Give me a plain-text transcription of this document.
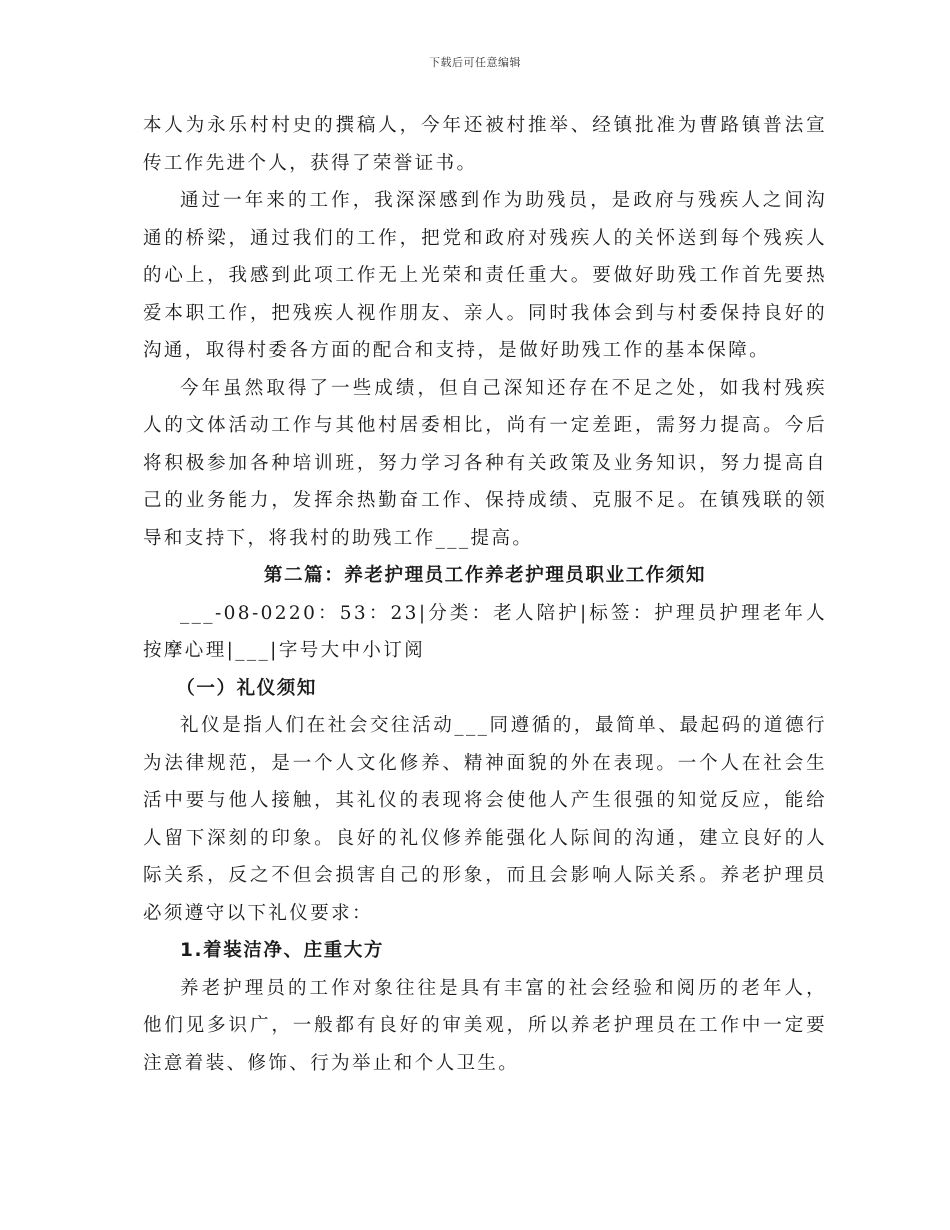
下载后可任意编辑

本人为永乐村村史的撰稿人，今年还被村推举、经镇批准为曹路镇普法宣传工作先进个人，获得了荣誉证书。

通过一年来的工作，我深深感到作为助残员，是政府与残疾人之间沟通的桥梁，通过我们的工作，把党和政府对残疾人的关怀送到每个残疾人的心上，我感到此项工作无上光荣和责任重大。要做好助残工作首先要热爱本职工作，把残疾人视作朋友、亲人。同时我体会到与村委保持良好的沟通，取得村委各方面的配合和支持，是做好助残工作的基本保障。

今年虽然取得了一些成绩，但自己深知还存在不足之处，如我村残疾人的文体活动工作与其他村居委相比，尚有一定差距，需努力提高。今后将积极参加各种培训班，努力学习各种有关政策及业务知识，努力提高自己的业务能力，发挥余热勤奋工作、保持成绩、克服不足。在镇残联的领导和支持下，将我村的助残工作___提高。

第二篇：养老护理员工作养老护理员职业工作须知

___-08-0220：53：23|分类：老人陪护|标签：护理员护理老年人按摩心理|___|字号大中小订阅

（一）礼仪须知

礼仪是指人们在社会交往活动___同遵循的，最简单、最起码的道德行为法律规范，是一个人文化修养、精神面貌的外在表现。一个人在社会生活中要与他人接触，其礼仪的表现将会使他人产生很强的知觉反应，能给人留下深刻的印象。良好的礼仪修养能强化人际间的沟通，建立良好的人际关系，反之不但会损害自己的形象，而且会影响人际关系。养老护理员必须遵守以下礼仪要求：

1.着装洁净、庄重大方

养老护理员的工作对象往往是具有丰富的社会经验和阅历的老年人，他们见多识广，一般都有良好的审美观，所以养老护理员在工作中一定要注意着装、修饰、行为举止和个人卫生。
